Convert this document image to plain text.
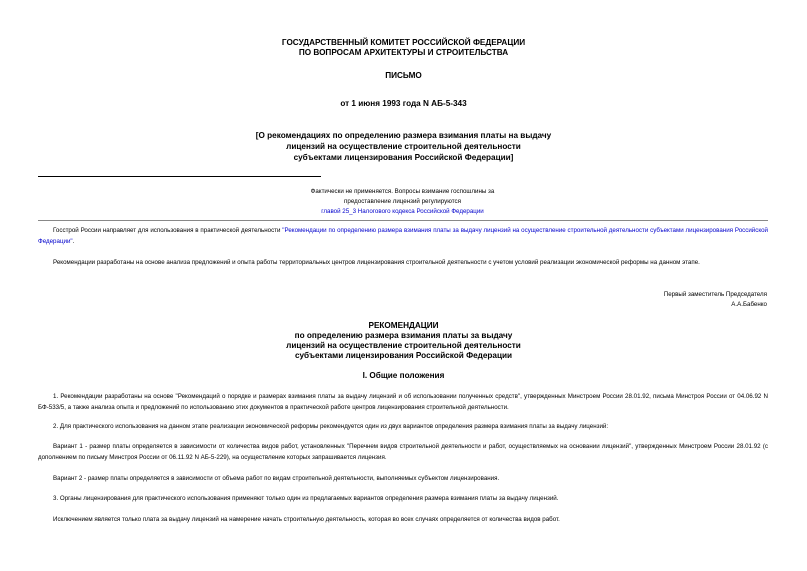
ГОСУДАРСТВЕННЫЙ КОМИТЕТ РОССИЙСКОЙ ФЕДЕРАЦИИ
ПО ВОПРОСАМ АРХИТЕКТУРЫ И СТРОИТЕЛЬСТВА
ПИСЬМО
от 1 июня 1993 года N АБ-5-343
[О рекомендациях по определению размера взимания платы на выдачу
лицензий на осуществление строительной деятельности
субъектами лицензирования Российской Федерации]
Фактически не применяется. Вопросы взимание госпошлины за
предоставление лицензий регулируются
главой 25_3 Налогового кодекса Российской Федерации
Госстрой России направляет для использования в практической деятельности "Рекомендации по определению размера взимания платы за выдачу лицензий на осуществление строительной деятельности субъектами лицензирования Российской Федерации".
Рекомендации разработаны на основе анализа предложений и опыта работы территориальных центров лицензирования строительной деятельности с учетом условий реализации экономической реформы на данном этапе.
Первый заместитель Председателя
А.А.Бабенко
РЕКОМЕНДАЦИИ
по определению размера взимания платы за выдачу
лицензий на осуществление строительной деятельности
субъектами лицензирования Российской Федерации
I. Общие положения
1. Рекомендации разработаны на основе "Рекомендаций о порядке и размерах взимания платы за выдачу лицензий и об использовании полученных средств", утвержденных Минстроем России 28.01.92, письма Минстроя России от 04.06.92 N БФ-533/5, а также анализа опыта и предложений по использованию этих документов в практической работе центров лицензирования строительной деятельности.
2. Для практического использования на данном этапе реализации экономической реформы рекомендуется один из двух вариантов определения размера взимания платы за выдачу лицензий:
Вариант 1 - размер платы определяется в зависимости от количества видов работ, установленных "Перечнем видов строительной деятельности и работ, осуществляемых на основании лицензий", утвержденных Минстроем России 28.01.92 (с дополнением по письму Минстроя России от 06.11.92 N АБ-5-229), на осуществление которых запрашивается лицензия.
Вариант 2 - размер платы определяется в зависимости от объема работ по видам строительной деятельности, выполняемых субъектом лицензирования.
3. Органы лицензирования для практического использования применяют только один из предлагаемых вариантов определения размера взимания платы за выдачу лицензий.
Исключением является только плата за выдачу лицензий на намерение начать строительную деятельность, которая во всех случаях определяется от количества видов работ.
